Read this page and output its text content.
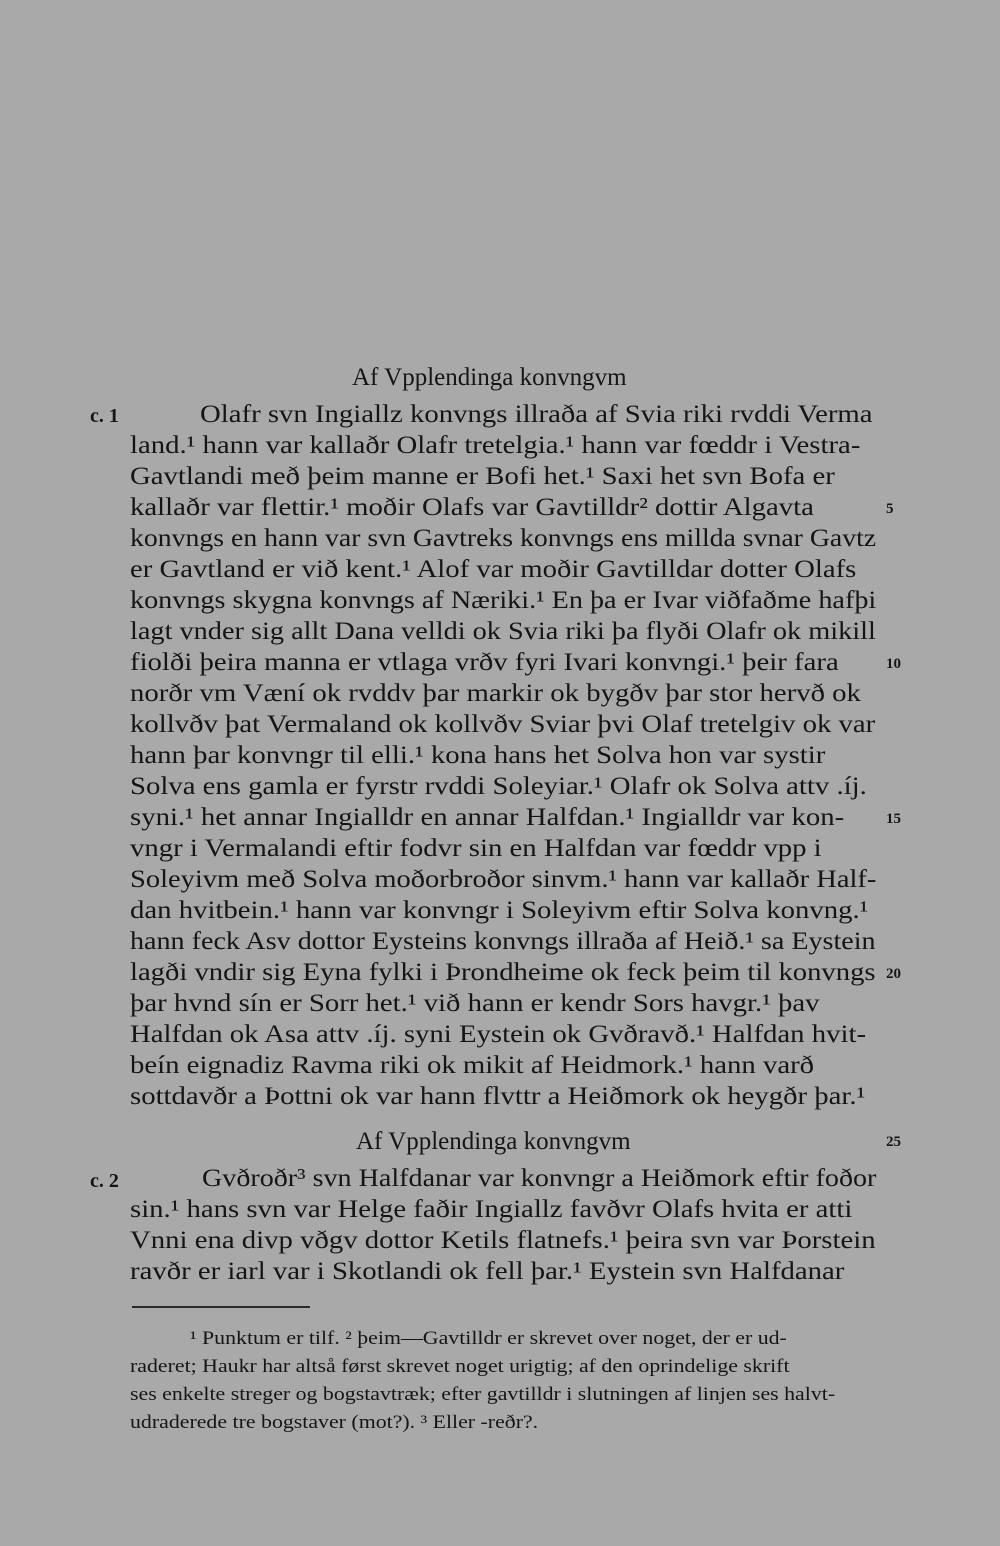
Af Vpplendinga konvngvm
c. 1	Olafr svn Ingiallz konvngs illraða af Svia riki rvddi Verma
land.¹ hann var kallaðr Olafr tretelgia.¹ hann var fœddr i Vestra-
Gavtlandi með þeim manne er Bofi het.¹ Saxi het svn Bofa er
kallaðr var flettir.¹ moðir Olafs var Gavtilldr² dottir Algavta
konvngs en hann var svn Gavtreks konvngs ens millda svnar Gavtz
er Gavtland er við kent.¹ Alof var moðir Gavtilldar dotter Olafs
konvngs skygna konvngs af Næriki.¹ En þa er Ivar viðfaðme hafþi
lagt vnder sig allt Dana velldi ok Svia riki þa flyði Olafr ok mikill
fiolði þeira manna er vtlaga vrðv fyri Ivari konvngi.¹ þeir fara
norðr vm Væní ok rvddv þar markir ok bygðv þar stor hervð ok
kollvðv þat Vermaland ok kollvðv Sviar þvi Olaf tretelgiv ok var
hann þar konvngr til elli.¹ kona hans het Solva hon var systir
Solva ens gamla er fyrstr rvddi Soleyiar.¹ Olafr ok Solva attv .íj.
syni.¹ het annar Ingialldr en annar Halfdan.¹ Ingialldr var kon-
vngr i Vermalandi eftir fodvr sin en Halfdan var fœddr vpp i
Soleyivm með Solva moðorbroðor sinvm.¹ hann var kallaðr Half-
dan hvitbein.¹ hann var konvngr i Soleyivm eftir Solva konvng.¹
hann feck Asv dottor Eysteins konvngs illraða af Heið.¹ sa Eystein
lagði vndir sig Eyna fylki i Þrondheime ok feck þeim til konvngs
þar hvnd sín er Sorr het.¹ við hann er kendr Sors havgr.¹ þav
Halfdan ok Asa attv .íj. syni Eystein ok Gvðravð.¹ Halfdan hvit-
beín eignadiz Ravma riki ok mikit af Heidmork.¹ hann varð
sottdavðr a Þottni ok var hann flvttr a Heiðmork ok heygðr þar.¹
5
10
15
20
25
Af Vpplendinga konvngvm
c. 2	Gvðroðr³ svn Halfdanar var konvngr a Heiðmork eftir foðor
sin.¹ hans svn var Helge faðir Ingiallz favðvr Olafs hvita er atti
Vnni ena divp vðgv dottor Ketils flatnefs.¹ þeira svn var Þorstein
ravðr er iarl var i Skotlandi ok fell þar.¹ Eystein svn Halfdanar
¹ Punktum er tilf. ² þeim—Gavtilldr er skrevet over noget, der er ud-
raderet; Haukr har altså først skrevet noget urigtig; af den oprindelige skrift
ses enkelte streger og bogstavtræk; efter gavtilldr i slutningen af linjen ses halvt-
udraderede tre bogstaver (mot?). ³ Eller -reðr?.
